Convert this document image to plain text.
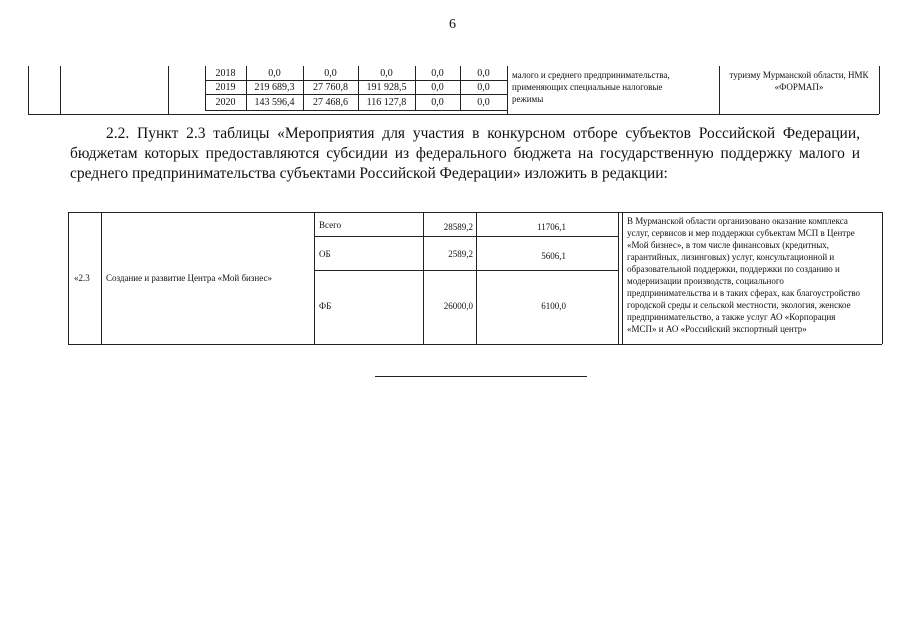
6
2018	0,0	0,0	0,0	0,0	0,0
2019	219 689,3	27 760,8	191 928,5	0,0	0,0
2020	143 596,4	27 468,6	116 127,8	0,0	0,0
малого и среднего предпринимательства,
применяющих специальные налоговые
режимы
туризму Мурманской области, НМК
«ФОРМАП»
2.2. Пункт 2.3 таблицы «Мероприятия для участия в конкурсном отборе субъектов Российской Федерации, бюджетам которых предоставляются субсидии из федерального бюджета на государственную поддержку малого и среднего предпринимательства субъектами Российской Федерации» изложить в редакции:
«2.3 Создание и развитие Центра «Мой бизнес»
Всего	28589,2	11706,1
ОБ	2589,2	5606,1
ФБ	26000,0	6100,0
В Мурманской области организовано оказание комплекса
услуг, сервисов и мер поддержки субъектам МСП в Центре
«Мой бизнес», в том числе финансовых (кредитных,
гарантийных, лизинговых) услуг, консультационной и
образовательной поддержки, поддержки по созданию и
модернизации производств, социального
предпринимательства и в таких сферах, как благоустройство
городской среды и сельской местности, экология, женское
предпринимательство, а также услуг АО «Корпорация
«МСП» и АО «Российский экспортный центр»
